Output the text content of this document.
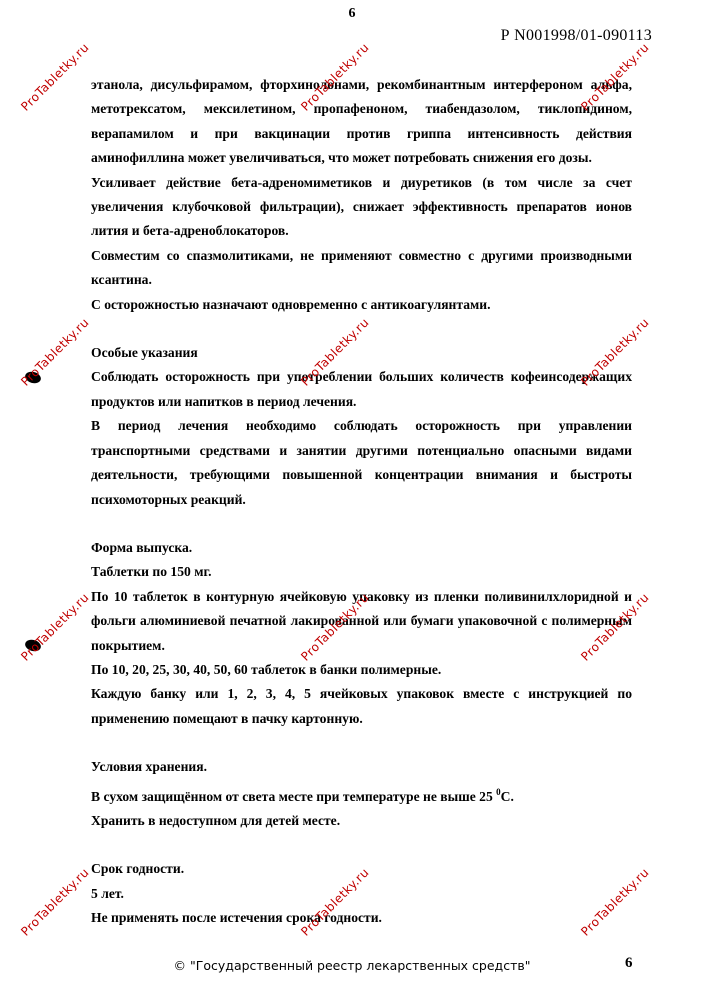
6
Р N001998/01-090113

этанола, дисульфирамом, фторхинолонами, рекомбинантным интерфероном альфа, метотрексатом, мексилетином, пропафеноном, тиабендазолом, тиклопидином, верапамилом и при вакцинации против гриппа интенсивность действия аминофиллина может увеличиваться, что может потребовать снижения его дозы.

Усиливает действие бета-адреномиметиков и диуретиков (в том числе за счет увеличения клубочковой фильтрации), снижает эффективность препаратов ионов лития и бета-адреноблокаторов.

Совместим со спазмолитиками, не применяют совместно с другими производными ксантина.

С осторожностью назначают одновременно с антикоагулянтами.

Особые указания

Соблюдать осторожность при употреблении больших количеств кофеинсодержащих продуктов или напитков в период лечения.

В период лечения необходимо соблюдать осторожность при управлении транспортными средствами и занятии другими потенциально опасными видами деятельности, требующими повышенной концентрации внимания и быстроты психомоторных реакций.

Форма выпуска.

Таблетки по 150 мг.

По 10 таблеток в контурную ячейковую упаковку из пленки поливинилхлоридной и фольги алюминиевой печатной лакированной или бумаги упаковочной с полимерным покрытием.

По 10, 20, 25, 30, 40, 50, 60 таблеток в банки полимерные.

Каждую банку или 1, 2, 3, 4, 5 ячейковых упаковок вместе с инструкцией по применению помещают в пачку картонную.

Условия хранения.

В сухом защищённом от света месте при температуре не выше 25 $^0$С.

Хранить в недоступном для детей месте.

Срок годности.

5 лет.

Не применять после истечения срока годности.

© "Государственный реестр лекарственных средств"	6
ProTabletky.ru	ProTabletky.ru	ProTabletky.ru
ProTabletky.ru	ProTabletky.ru	ProTabletky.ru
ProTabletky.ru	ProTabletky.ru	ProTabletky.ru
ProTabletky.ru	ProTabletky.ru	ProTabletky.ru
